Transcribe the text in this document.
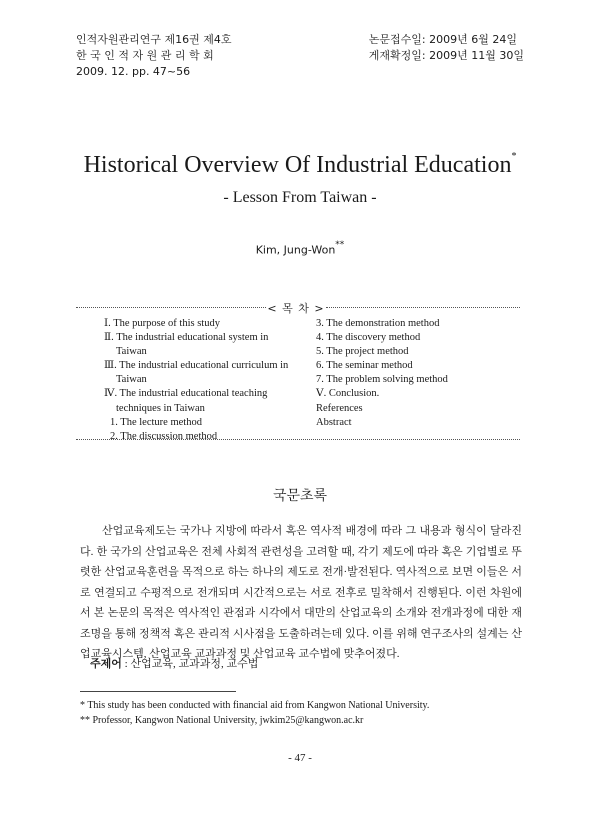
인적자원관리연구 제16권 제4호
한 국 인 적 자 원 관 리 학 회
2009. 12. pp. 47~56
논문접수일: 2009년 6월 24일
게재확정일: 2009년 11월 30일
Historical Overview Of Industrial Education*
- Lesson From Taiwan -
Kim, Jung-Won**
< 목 차 >
Ⅰ. The purpose of this study
Ⅱ. The industrial educational system in
Taiwan
Ⅲ. The industrial educational curriculum in
Taiwan
Ⅳ. The industrial educational teaching
techniques in Taiwan
1. The lecture method
2. The discussion method
3. The demonstration method
4. The discovery method
5. The project method
6. The seminar method
7. The problem solving method
Ⅴ. Conclusion.
References
Abstract
국문초록
산업교육제도는 국가나 지방에 따라서 혹은 역사적 배경에 따라 그 내용과 형식이 달라진다. 한 국가의 산업교육은 전체 사회적 관련성을 고려할 때, 각기 제도에 따라 혹은 기업별로 뚜렷한 산업교육훈련을 목적으로 하는 하나의 제도로 전개·발전된다. 역사적으로 보면 이들은 서로 연결되고 수평적으로 전개되며 시간적으로는 서로 전후로 밀착해서 진행된다. 이런 차원에서 본 논문의 목적은 역사적인 관점과 시각에서 대만의 산업교육의 소개와 전개과정에 대한 재조명을 통해 정책적 혹은 관리적 시사점을 도출하려는데 있다. 이를 위해 연구조사의 설계는 산업교육시스템, 산업교육 교과과정 및 산업교육 교수법에 맞추어졌다.
주제어 : 산업교육, 교과과정, 교수법
* This study has been conducted with financial aid from Kangwon National University.
** Professor, Kangwon National University, jwkim25@kangwon.ac.kr
- 47 -
